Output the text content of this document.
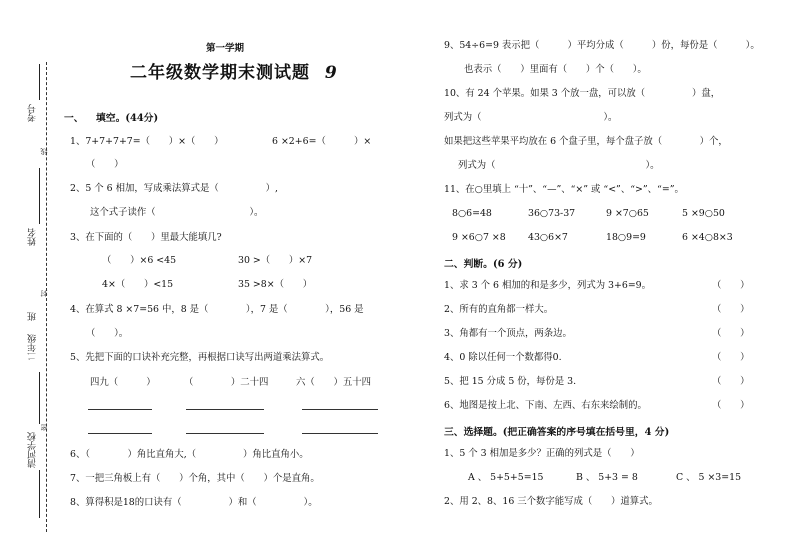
考号
线
姓名
封
班
二年级
清河学校
密
第一学期
二年级数学期末测试题 9
一、 填空。(44分)
1、7+7+7+7=（　　）×（　　）	6 ×2+6=（　　　）×
（　　）
2、5 个 6 相加，写成乘法算式是（　　　　　）,
这个式子读作（　　　　　　　　　　）。
3、在下面的（　　）里最大能填几?
（　　）×6 <45	30 >（　　）×7
4×（　　）<15	35 >8×（　　）
4、在算式 8 ×7=56 中，8 是（　　　　），7 是（　　　　），56 是
（　　）。
5、先把下面的口诀补充完整，再根据口诀写出两道乘法算式。
四九（　　　）	（　　　　）二十四	六（　　）五十四
6、（　　　　）角比直角大,（　　　　　）角比直角小。
7、一把三角板上有（　　）个角，其中（　　）个是直角。
8、算得积是18的口诀有（　　　　　）和（　　　　　）。
9、54÷6=9 表示把（　　　）平均分成（　　　）份，每份是（　　　）。
也表示（　　）里面有（　　）个（　　）。
10、有 24 个苹果。如果 3 个放一盘，可以放（　　　　　）盘，
列式为（　　　　　　　　　　　　　）。
如果把这些苹果平均放在 6 个盘子里，每个盘子放（　　　　）个，
列式为（　　　　　　　　　　　　　　　　）。
11、在○里填上 “十”、“—”、“×” 或 “<”、“>”、“=”。
8○6=48	36○73-37	9 ×7○65	5 ×9○50
9 ×6○7 ×8 43○6×7	18○9=9	6 ×4○8×3
二、判断。(6 分)
1、求 3 个 6 相加的和是多少，列式为 3+6=9。	（　　）
2、所有的直角都一样大。	（　　）
3、角都有一个顶点，两条边。	（　　）
4、0 除以任何一个数都得0.	（　　）
5、把 15 分成 5 份，每份是 3.	（　　）
6、地图是按上北、下南、左西、右东来绘制的。	（　　）
三、选择题。(把正确答案的序号填在括号里，4 分)
1、5 个 3 相加是多少？正确的列式是（　　）
A 、 5+5+5=15	B 、 5+3 = 8	C 、 5 ×3=15
2、用 2、8、16 三个数字能写成（　　）道算式。
